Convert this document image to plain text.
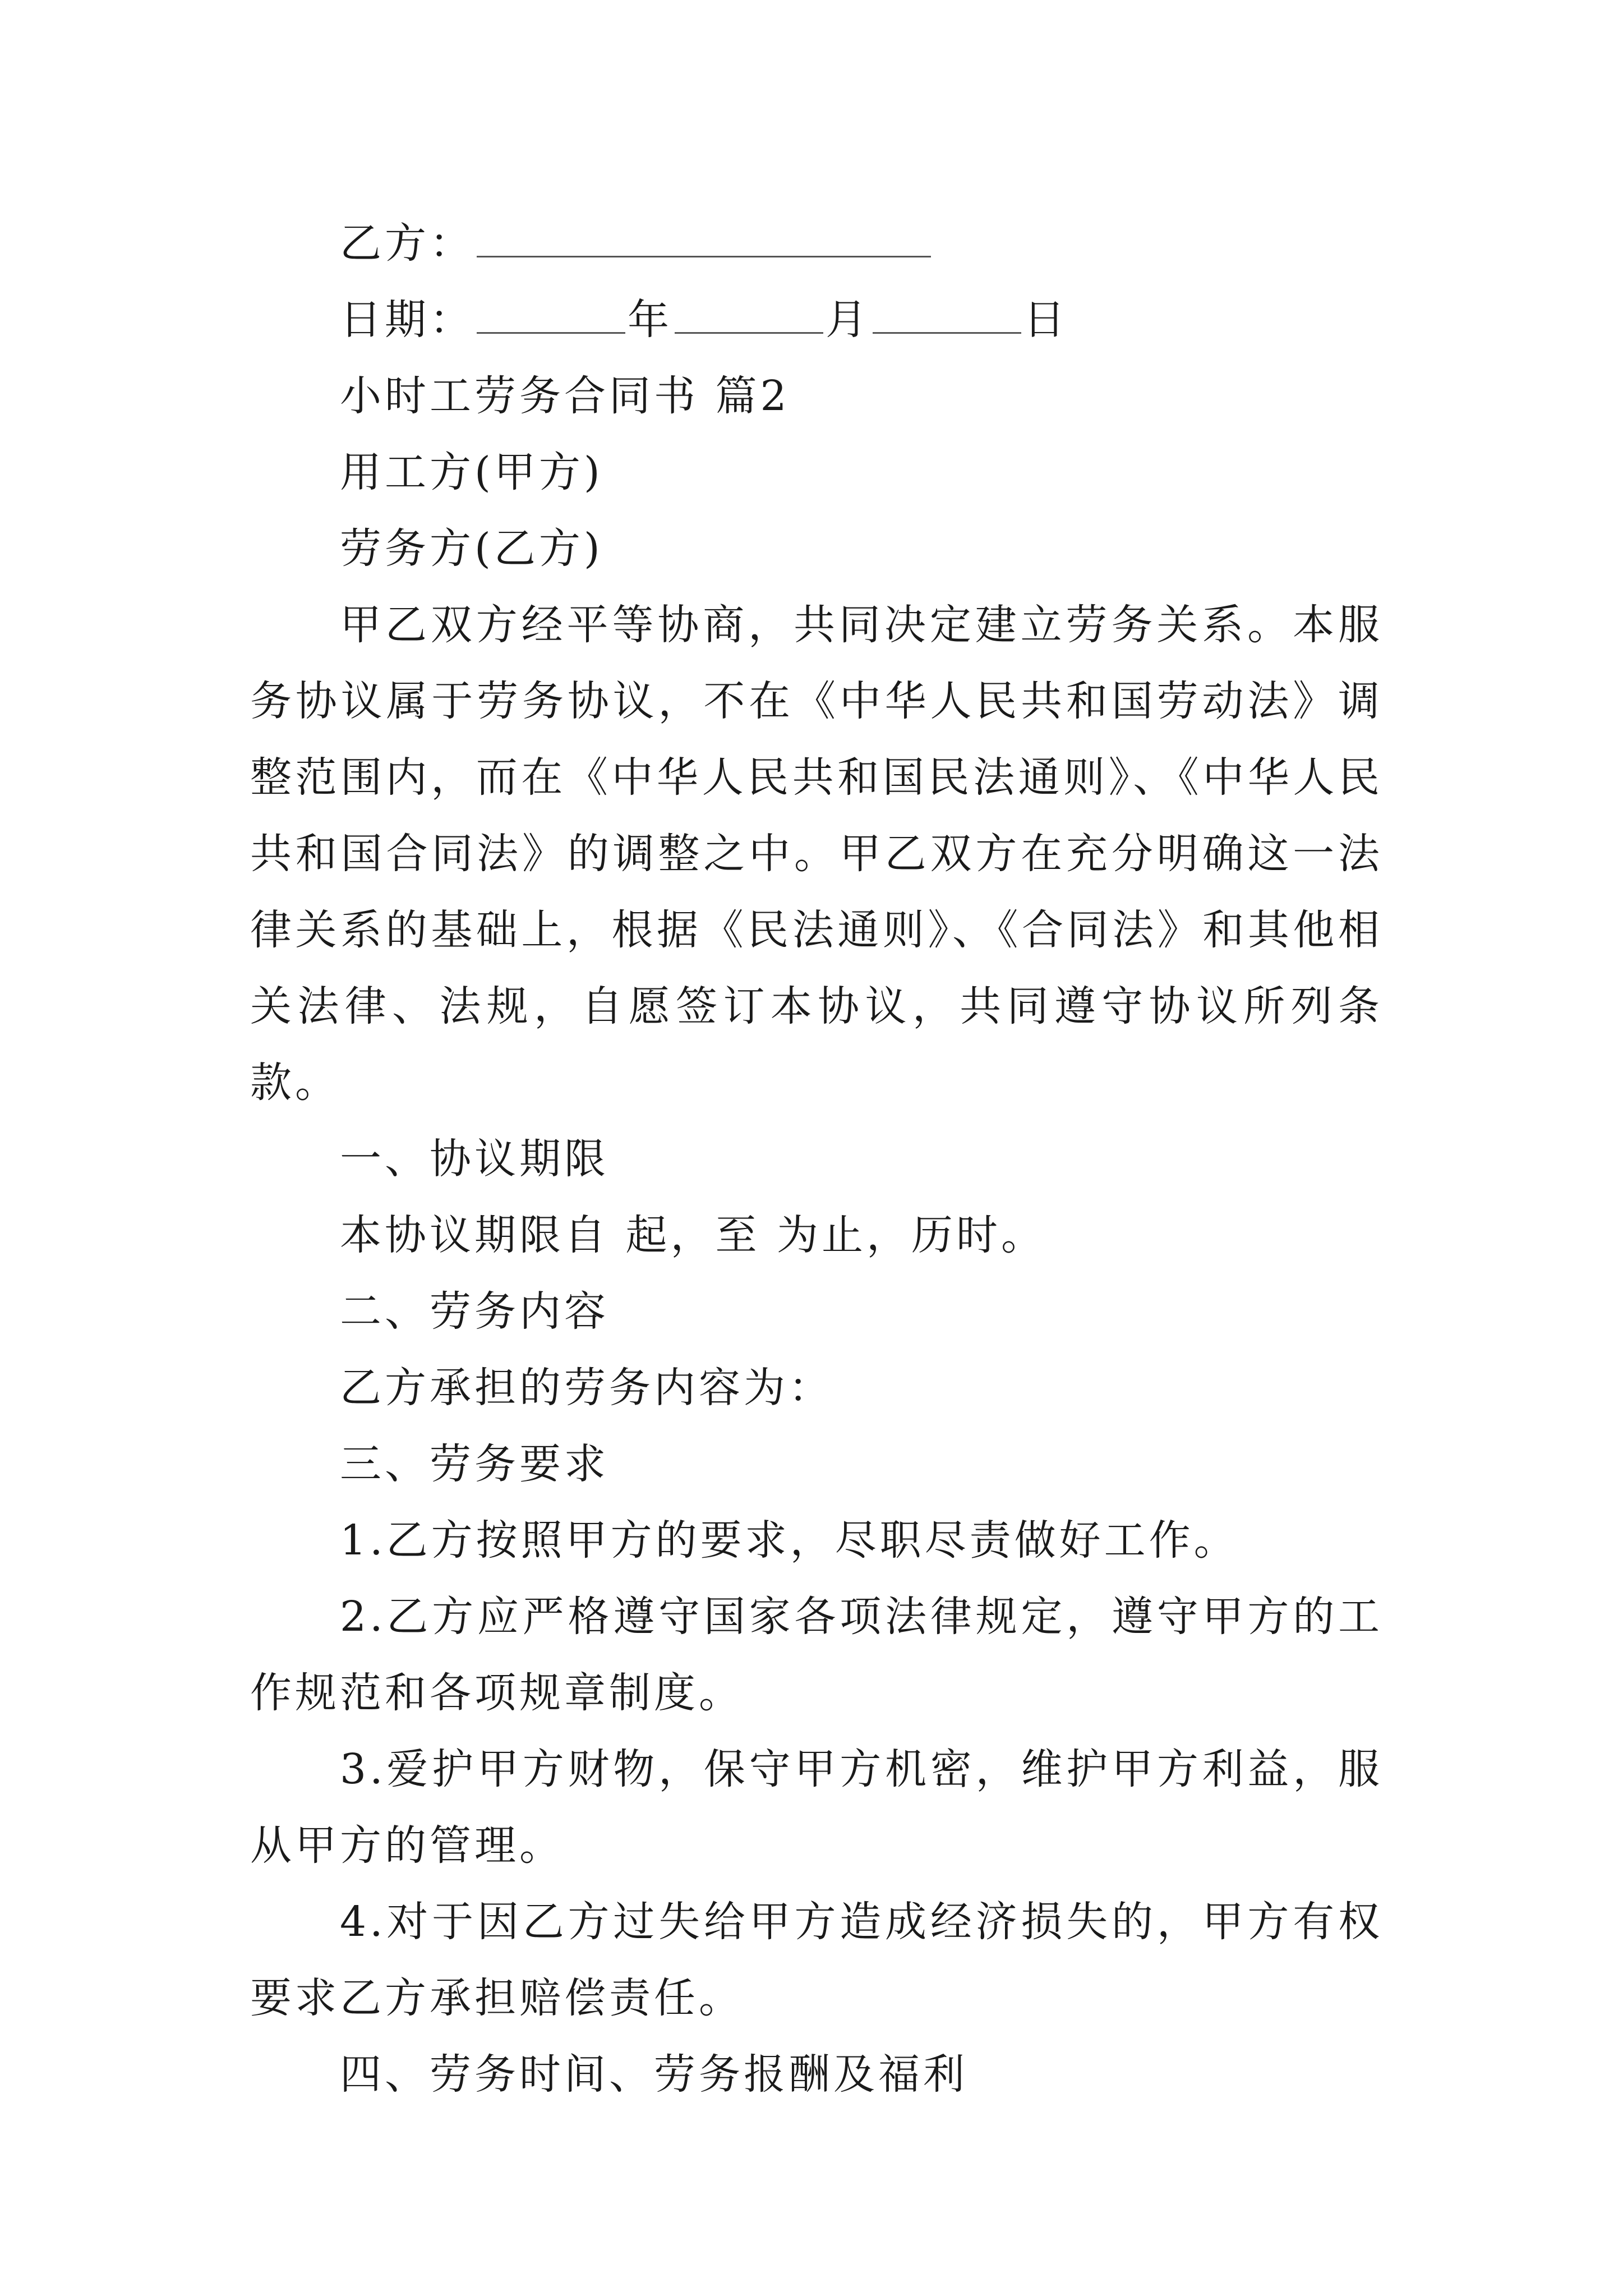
乙方：

日期：	年	月	日

小时工劳务合同书 篇2

用工方(甲方)

劳务方(乙方)

甲乙双方经平等协商，共同决定建立劳务关系。本服务协议属于劳务协议，不在《中华人民共和国劳动法》调整范围内，而在《中华人民共和国民法通则》、《中华人民共和国合同法》的调整之中。甲乙双方在充分明确这一法律关系的基础上，根据《民法通则》、《合同法》和其他相关法律、法规，自愿签订本协议，共同遵守协议所列条款。

一、协议期限

本协议期限自 起，至 为止，历时。

二、劳务内容

乙方承担的劳务内容为：

三、劳务要求

1.乙方按照甲方的要求，尽职尽责做好工作。

2.乙方应严格遵守国家各项法律规定，遵守甲方的工作规范和各项规章制度。

3.爱护甲方财物，保守甲方机密，维护甲方利益，服从甲方的管理。

4.对于因乙方过失给甲方造成经济损失的，甲方有权要求乙方承担赔偿责任。

四、劳务时间、劳务报酬及福利
